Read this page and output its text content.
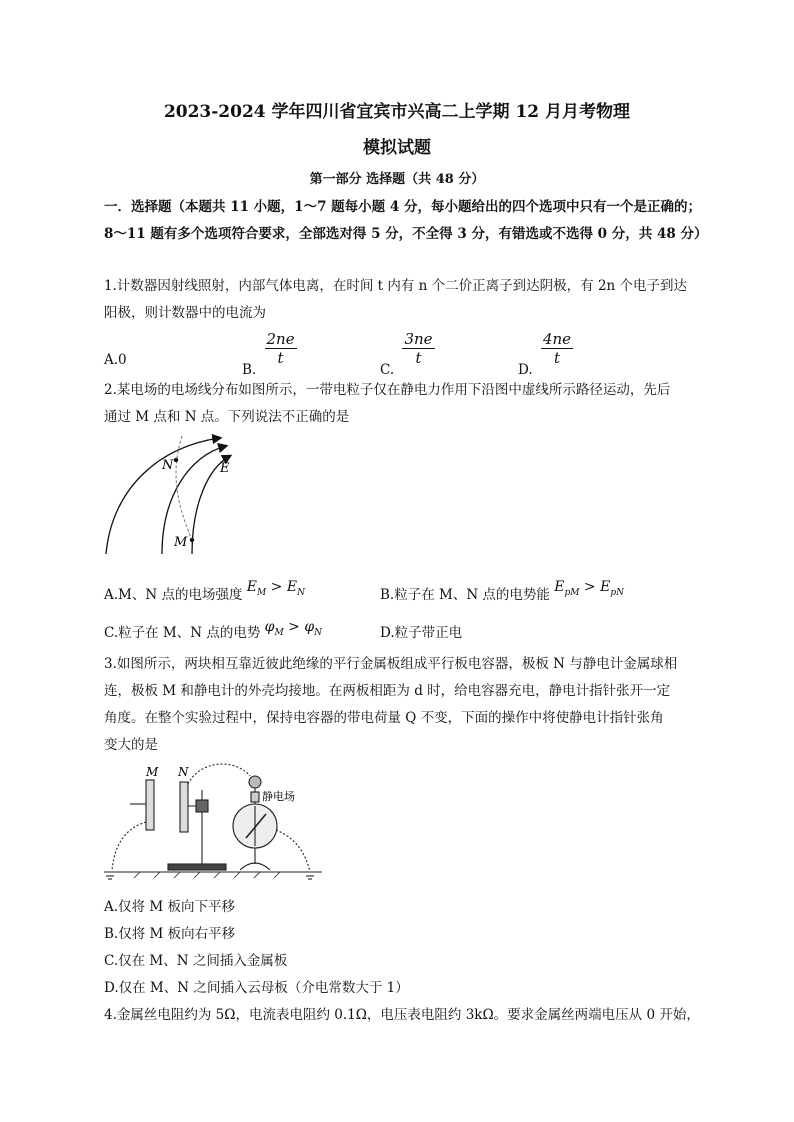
2023-2024 学年四川省宜宾市兴高二上学期 12 月月考物理
模拟试题
第一部分 选择题（共 48 分）
一．选择题（本题共 11 小题，1～7 题每小题 4 分，每小题给出的四个选项中只有一个是正确的；
8～11 题有多个选项符合要求，全部选对得 5 分，不全得 3 分，有错选或不选得 0 分，共 48 分）
1.计数器因射线照射，内部气体电离，在时间 t 内有 n 个二价正离子到达阴极，有 2n 个电子到达
阳极，则计数器中的电流为
A.0
B.
$\frac{2ne}{t}$
C.
$\frac{3ne}{t}$
D.
$\frac{4ne}{t}$
2.某电场的电场线分布如图所示，一带电粒子仅在静电力作用下沿图中虚线所示路径运动，先后
通过 M 点和 N 点。下列说法不正确的是
N	E
M
A.M、N 点的电场强度 $E_M > E_N$	B.粒子在 M、N 点的电势能 $E_{pM} > E_{pN}$
C.粒子在 M、N 点的电势 $\varphi_M > \varphi_N$	D.粒子带正电
3.如图所示，两块相互靠近彼此绝缘的平行金属板组成平行板电容器，极板 N 与静电计金属球相
连，极板 M 和静电计的外壳均接地。在两板相距为 d 时，给电容器充电，静电计指针张开一定
角度。在整个实验过程中，保持电容器的带电荷量 Q 不变，下面的操作中将使静电计指针张角
变大的是
M N
静电场
A.仅将 M 板向下平移
B.仅将 M 板向右平移
C.仅在 M、N 之间插入金属板
D.仅在 M、N 之间插入云母板（介电常数大于 1）
4.金属丝电阻约为 5Ω，电流表电阻约 0.1Ω，电压表电阻约 3kΩ。要求金属丝两端电压从 0 开始，
